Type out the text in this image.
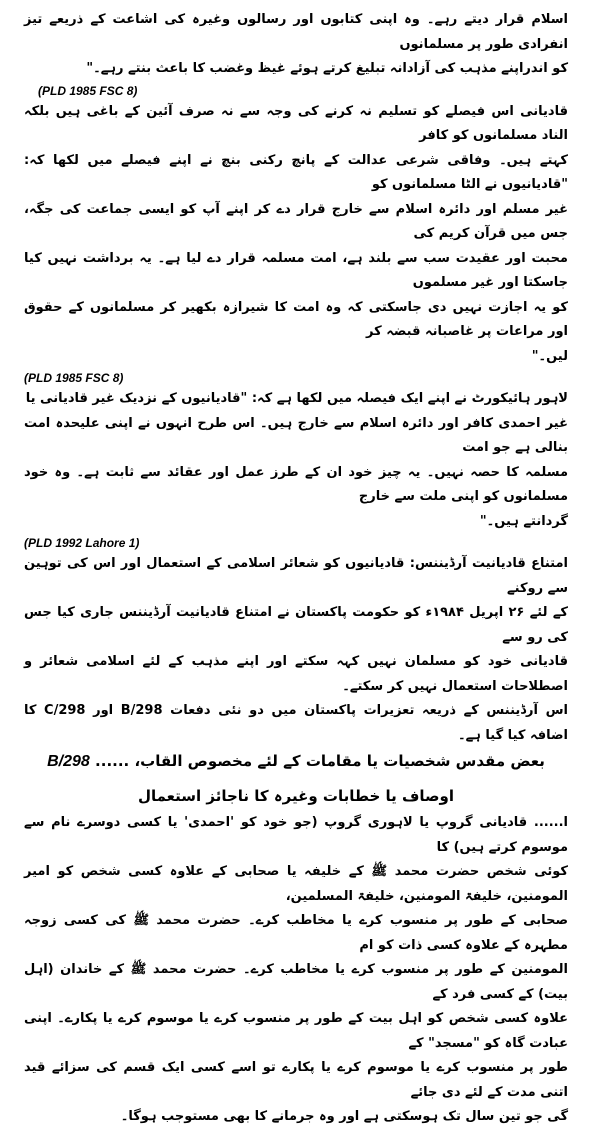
اسلام قرار دیتے رہے۔ وہ اپنی کتابوں اور رسالوں وغیرہ کی اشاعت کے ذریعے تیز انفرادی طور پر مسلمانوں

کو اندراپنے مذہب کی آزادانہ تبلیغ کرتے ہوئے غیظ وغضب کا باعث بنتے رہے۔"

(PLD 1985 FSC 8)

قادیانی اس فیصلے کو تسلیم نہ کرنے کی وجہ سے نہ صرف آئین کے باغی ہیں بلکہ الناد مسلمانوں کو کافر

کہتے ہیں۔ وفاقی شرعی عدالت کے پانچ رکنی بنچ نے اپنے فیصلے میں لکھا کہ: "قادیانیوں نے الٹا مسلمانوں کو

غیر مسلم اور دائرہ اسلام سے خارج قرار دے کر اپنے آپ کو ایسی جماعت کی جگہ، جس میں قرآن کریم کی

محبت اور عقیدت سب سے بلند ہے، امت مسلمہ قرار دے لیا ہے۔ یہ برداشت نہیں کیا جاسکتا اور غیر مسلموں

کو یہ اجازت نہیں دی جاسکتی کہ وہ امت کا شیرازہ بکھیر کر مسلمانوں کے حقوق اور مراعات پر غاصبانہ قبضہ کر

لیں۔"

(PLD 1985 FSC 8)

لاہور ہائیکورٹ نے اپنے ایک فیصلہ میں لکھا ہے کہ: "قادیانیوں کے نزدیک غیر قادیانی یا

غیر احمدی کافر اور دائرہ اسلام سے خارج ہیں۔ اس طرح انہوں نے اپنی علیحدہ امت بنالی ہے جو امت

مسلمہ کا حصہ نہیں۔ یہ چیز خود ان کے طرز عمل اور عقائد سے ثابت ہے۔ وہ خود مسلمانوں کو اپنی ملت سے خارج

گردانتے ہیں۔"

(PLD 1992 Lahore 1)

امتناع قادیانیت آرڈیننس: قادیانیوں کو شعائر اسلامی کے استعمال اور اس کی توہین سے روکنے

کے لئے ۲۶ اپریل ۱۹۸۴ء کو حکومت پاکستان نے امتناع قادیانیت آرڈیننس جاری کیا جس کی رو سے

قادیانی خود کو مسلمان نہیں کہہ سکتے اور اپنے مذہب کے لئے اسلامی شعائر و اصطلاحات استعمال نہیں کر سکتے۔

اس آرڈیننس کے ذریعہ تعزیرات پاکستان میں دو نئی دفعات 298/B اور 298/C کا اضافہ کیا گیا ہے۔

بعض مقدس شخصیات یا مقامات کے لئے مخصوص القاب، ...... 298/B

اوصاف یا خطابات وغیرہ کا ناجائز استعمال

ا...... قادیانی گروپ یا لاہوری گروپ (جو خود کو 'احمدی' یا کسی دوسرے نام سے موسوم کرتے ہیں) کا

کوئی شخص حضرت محمد ﷺ کے خلیفہ یا صحابی کے علاوہ کسی شخص کو امیر المومنین، خلیفۃ المومنین، خلیفۃ المسلمین،

صحابی کے طور پر منسوب کرے یا مخاطب کرے۔ حضرت محمد ﷺ کی کسی زوجہ مطہرہ کے علاوہ کسی ذات کو ام

المومنین کے طور پر منسوب کرے یا مخاطب کرے۔ حضرت محمد ﷺ کے خاندان (اہل بیت) کے کسی فرد کے

علاوہ کسی شخص کو اہل بیت کے طور پر منسوب کرے یا موسوم کرے یا پکارے۔ اپنی عبادت گاہ کو "مسجد" کے

طور پر منسوب کرے یا موسوم کرے یا پکارے تو اسے کسی ایک قسم کی سزائے قید اتنی مدت کے لئے دی جائے

گی جو تین سال تک ہوسکتی ہے اور وہ جرمانے کا بھی مستوجب ہوگا۔
